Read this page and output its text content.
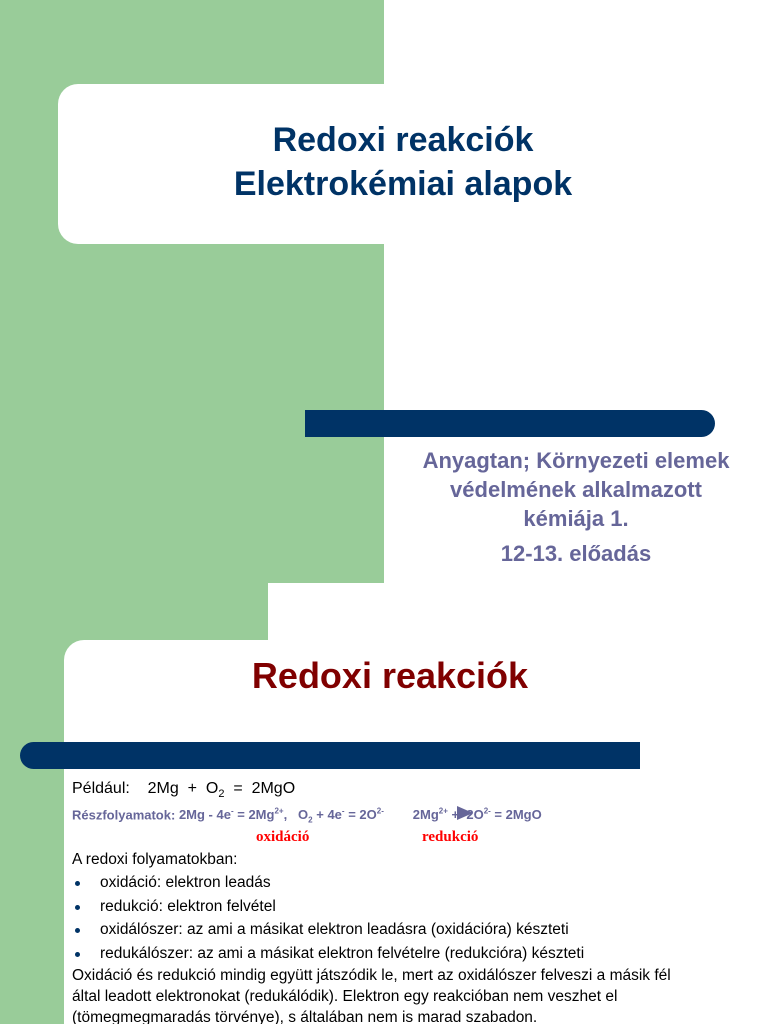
Redoxi reakciók
Elektrokémiai alapok
Anyagtan; Környezeti elemek
védelmének alkalmazott
kémiája 1.
12-13. előadás
Redoxi reakciók
Például: 2Mg  +  O2  =  2MgO
Részfolyamatok: $2Mg - 4e^- = 2Mg^{2+}$, $O_2 + 4e^- = 2O^{2-}$ $2Mg^{2+} + 2O^{2-} = 2MgO$
oxidáció	redukció

A redoxi folyamatokban:

oxidáció: elektron leadás
redukció: elektron felvétel
oxidálószer: az ami a másikat elektron leadásra (oxidációra) készteti
redukálószer: az ami a másikat elektron felvételre (redukcióra) készteti

Oxidáció és redukció mindig együtt játszódik le, mert az oxidálószer felveszi a másik fél által leadott elektronokat (redukálódik). Elektron egy reakcióban nem veszhet el (tömegmegmaradás törvénye), s általában nem is marad szabadon.
